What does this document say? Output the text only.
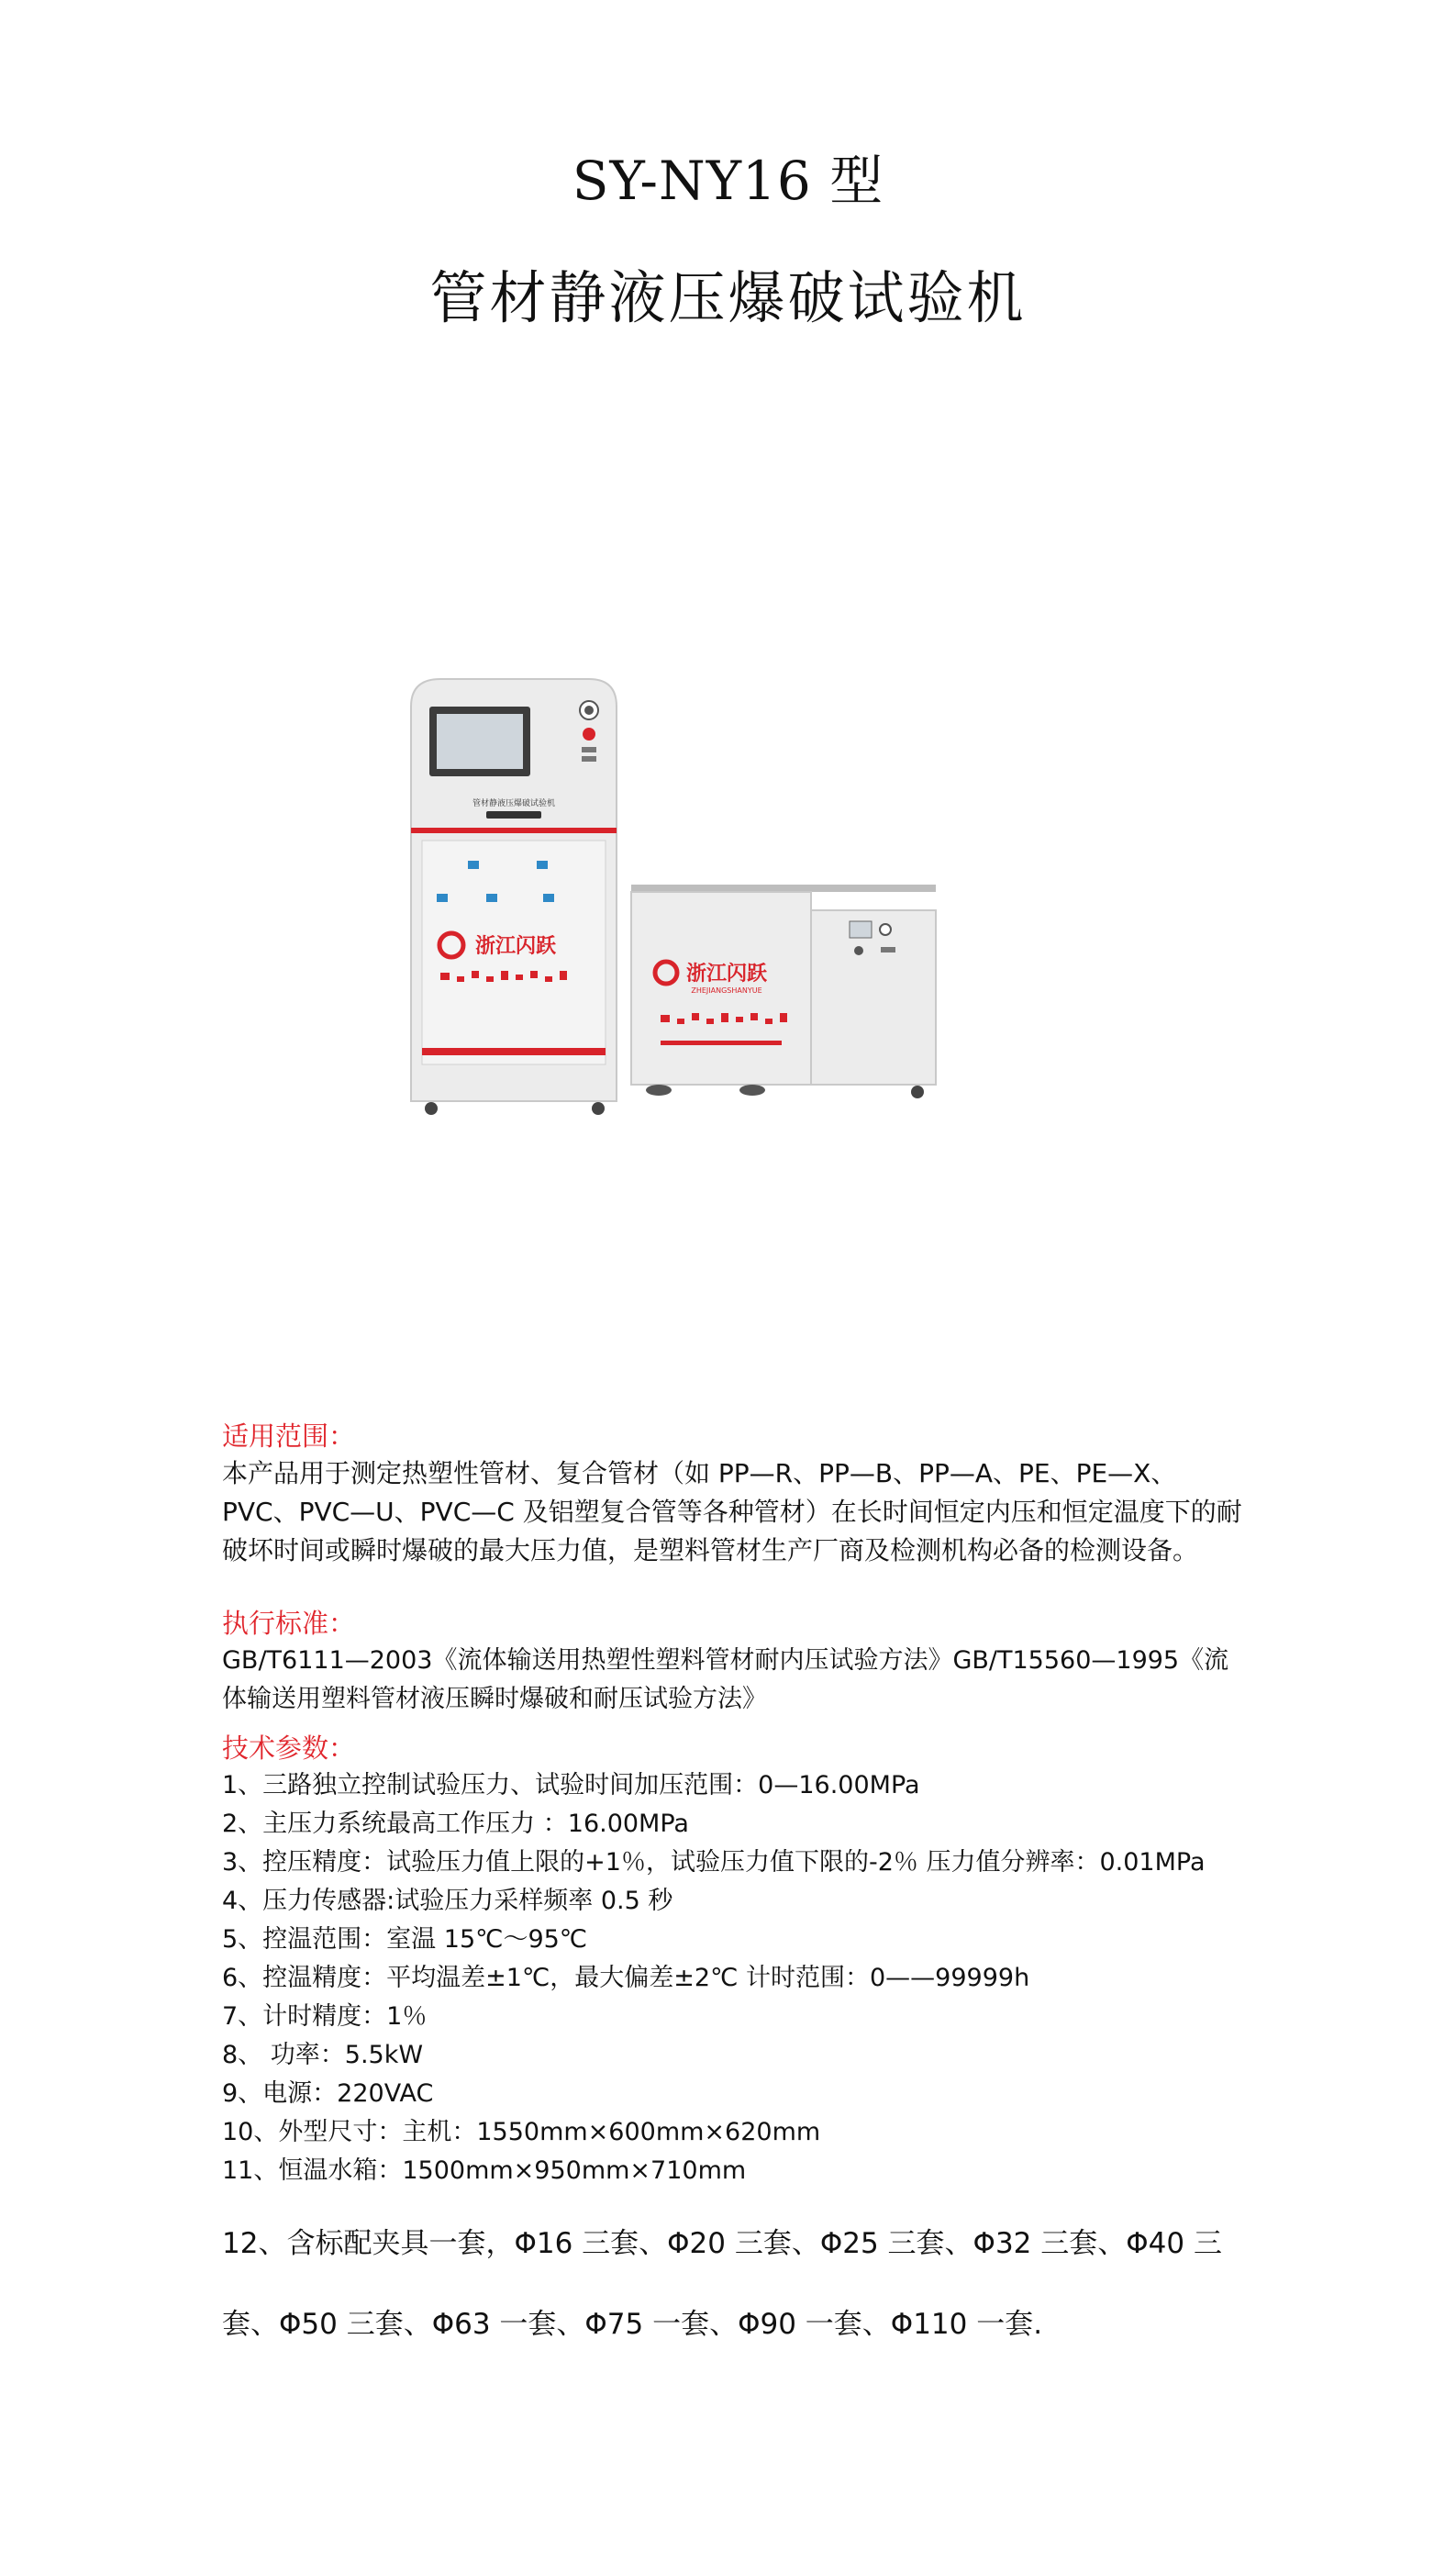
SY-NY16 型
管材静液压爆破试验机
管材静液压爆破试验机
浙江闪跃
浙江闪跃
ZHEJIANGSHANYUE

适用范围：

本产品用于测定热塑性管材、复合管材（如 PP—R、PP—B、PP—A、PE、PE—X、PVC、PVC—U、PVC—C 及铝塑复合管等各种管材）在长时间恒定内压和恒定温度下的耐破坏时间或瞬时爆破的最大压力值，是塑料管材生产厂商及检测机构必备的检测设备。

执行标准：

GB/T6111—2003《流体输送用热塑性塑料管材耐内压试验方法》GB/T15560—1995《流体输送用塑料管材液压瞬时爆破和耐压试验方法》

技术参数：

1、三路独立控制试验压力、试验时间加压范围：0—16.00MPa

2、主压力系统最高工作压力 ：16.00MPa

3、控压精度：试验压力值上限的+1％，试验压力值下限的-2％ 压力值分辨率：0.01MPa

4、压力传感器:试验压力采样频率 0.5 秒

5、控温范围：室温 15℃～95℃

6、控温精度：平均温差±1℃，最大偏差±2℃ 计时范围：0——99999h

7、计时精度：1％

8、 功率：5.5kW

9、电源：220VAC

10、外型尺寸：主机：1550mm×600mm×620mm

11、恒温水箱：1500mm×950mm×710mm

12、含标配夹具一套，Φ16 三套、Φ20 三套、Φ25 三套、Φ32 三套、Φ40 三套、Φ50 三套、Φ63 一套、Φ75 一套、Φ90 一套、Φ110 一套.
